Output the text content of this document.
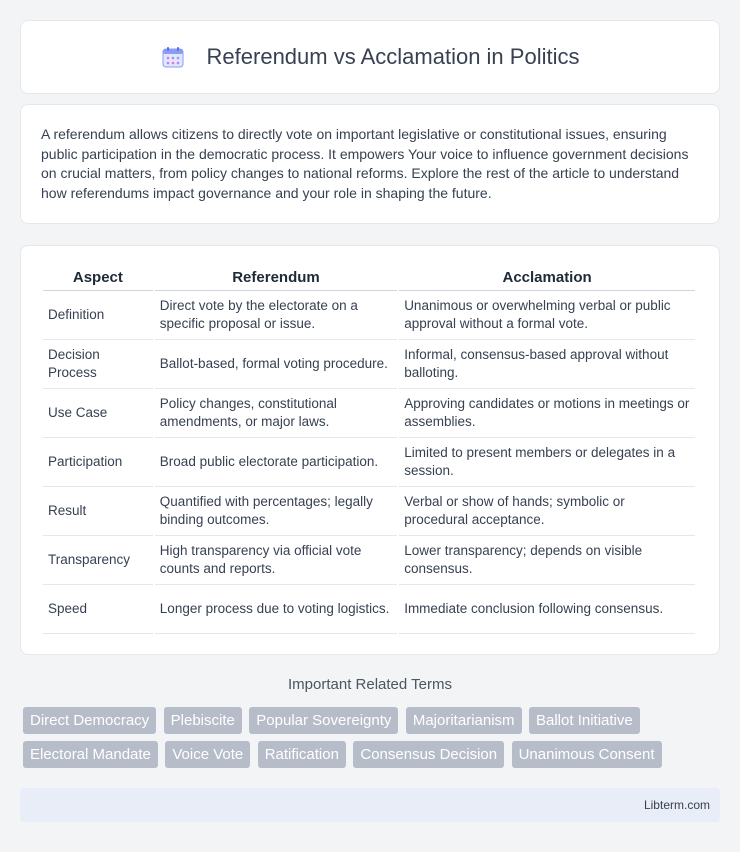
Referendum vs Acclamation in Politics

A referendum allows citizens to directly vote on important legislative or constitutional issues, ensuring public participation in the democratic process. It empowers Your voice to influence government decisions on crucial matters, from policy changes to national reforms. Explore the rest of the article to understand how referendums impact governance and your role in shaping the future.

Aspect	Referendum	Acclamation
Definition	Direct vote by the electorate on a specific proposal or issue.	Unanimous or overwhelming verbal or public approval without a formal vote.
Decision Process	Ballot-based, formal voting procedure.	Informal, consensus-based approval without balloting.
Use Case	Policy changes, constitutional amendments, or major laws.	Approving candidates or motions in meetings or assemblies.
Participation	Broad public electorate participation.	Limited to present members or delegates in a session.
Result	Quantified with percentages; legally binding outcomes.	Verbal or show of hands; symbolic or procedural acceptance.
Transparency	High transparency via official vote counts and reports.	Lower transparency; depends on visible consensus.
Speed	Longer process due to voting logistics.	Immediate conclusion following consensus.
Important Related Terms
Direct Democracy Plebiscite Popular Sovereignty Majoritarianism Ballot Initiative Electoral Mandate Voice Vote Ratification Consensus Decision Unanimous Consent
Libterm.com
